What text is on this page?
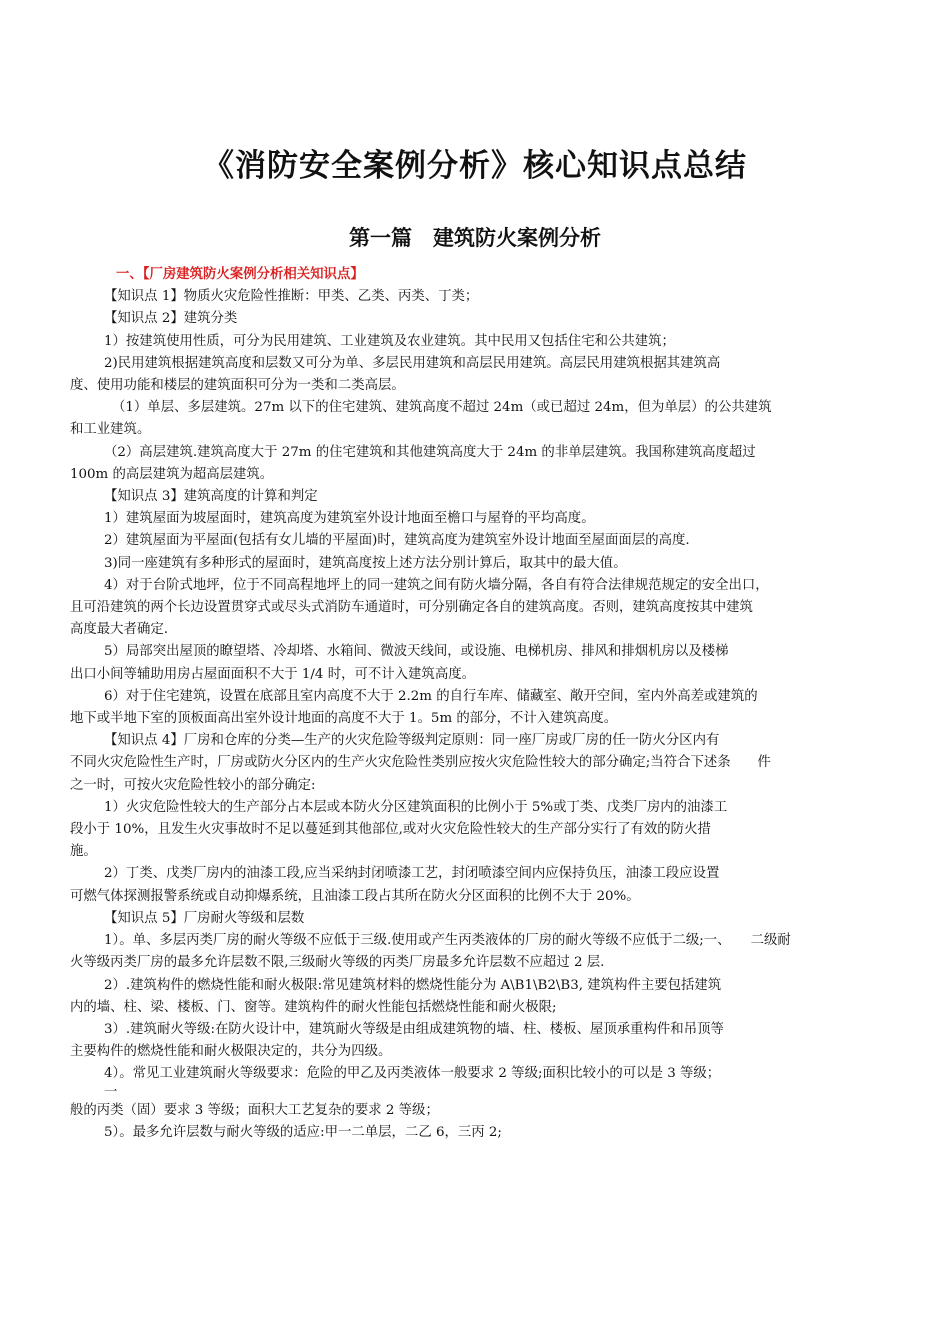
《消防安全案例分析》核心知识点总结
第一篇　建筑防火案例分析
一、【厂房建筑防火案例分析相关知识点】

【知识点 1】物质火灾危险性推断：甲类、乙类、丙类、丁类；

【知识点 2】建筑分类

1）按建筑使用性质，可分为民用建筑、工业建筑及农业建筑。其中民用又包括住宅和公共建筑；

2)民用建筑根据建筑高度和层数又可分为单、多层民用建筑和高层民用建筑。高层民用建筑根据其建筑高

度、使用功能和楼层的建筑面积可分为一类和二类高层。

（1）单层、多层建筑。27m 以下的住宅建筑、建筑高度不超过 24m（或已超过 24m，但为单层）的公共建筑

和工业建筑。

（2）高层建筑.建筑高度大于 27m 的住宅建筑和其他建筑高度大于 24m 的非单层建筑。我国称建筑高度超过

100m 的高层建筑为超高层建筑。

【知识点 3】建筑高度的计算和判定

1）建筑屋面为坡屋面时，建筑高度为建筑室外设计地面至檐口与屋脊的平均高度。

2）建筑屋面为平屋面(包括有女儿墙的平屋面)时，建筑高度为建筑室外设计地面至屋面面层的高度.

3)同一座建筑有多种形式的屋面时，建筑高度按上述方法分别计算后，取其中的最大值。

4）对于台阶式地坪，位于不同高程地坪上的同一建筑之间有防火墙分隔，各自有符合法律规范规定的安全出口，

且可沿建筑的两个长边设置贯穿式或尽头式消防车通道时，可分别确定各自的建筑高度。否则，建筑高度按其中建筑

高度最大者确定.

5）局部突出屋顶的瞭望塔、冷却塔、水箱间、微波天线间，或设施、电梯机房、排风和排烟机房以及楼梯

出口小间等辅助用房占屋面面积不大于 1/4 时，可不计入建筑高度。

6）对于住宅建筑，设置在底部且室内高度不大于 2.2m 的自行车库、储藏室、敞开空间，室内外高差或建筑的

地下或半地下室的顶板面高出室外设计地面的高度不大于 1。5m 的部分，不计入建筑高度。

【知识点 4】厂房和仓库的分类—生产的火灾危险等级判定原则：同一座厂房或厂房的任一防火分区内有

不同火灾危险性生产时，厂房或防火分区内的生产火灾危险性类别应按火灾危险性较大的部分确定;当符合下述条　　件

之一时，可按火灾危险性较小的部分确定:

1）火灾危险性较大的生产部分占本层或本防火分区建筑面积的比例小于 5%或丁类、戊类厂房内的油漆工

段小于 10%，且发生火灾事故时不足以蔓延到其他部位,或对火灾危险性较大的生产部分实行了有效的防火措

施。

2）丁类、戊类厂房内的油漆工段,应当采纳封闭喷漆工艺，封闭喷漆空间内应保持负压，油漆工段应设置

可燃气体探测报警系统或自动抑爆系统，且油漆工段占其所在防火分区面积的比例不大于 20%。

【知识点 5】厂房耐火等级和层数

1）。单、多层丙类厂房的耐火等级不应低于三级.使用或产生丙类液体的厂房的耐火等级不应低于二级;一、　　二级耐

火等级丙类厂房的最多允许层数不限,三级耐火等级的丙类厂房最多允许层数不应超过 2 层.

2）.建筑构件的燃烧性能和耐火极限:常见建筑材料的燃烧性能分为 A\B1\B2\B3, 建筑构件主要包括建筑

内的墙、柱、梁、楼板、门、窗等。建筑构件的耐火性能包括燃烧性能和耐火极限;

3）.建筑耐火等级:在防火设计中，建筑耐火等级是由组成建筑物的墙、柱、楼板、屋顶承重构件和吊顶等

主要构件的燃烧性能和耐火极限决定的，共分为四级。

4）。常见工业建筑耐火等级要求：危险的甲乙及丙类液体一般要求 2 等级;面积比较小的可以是 3 等级；

一

般的丙类（固）要求 3 等级；面积大工艺复杂的要求 2 等级；

5）。最多允许层数与耐火等级的适应:甲一二单层，二乙 6，三丙 2;
